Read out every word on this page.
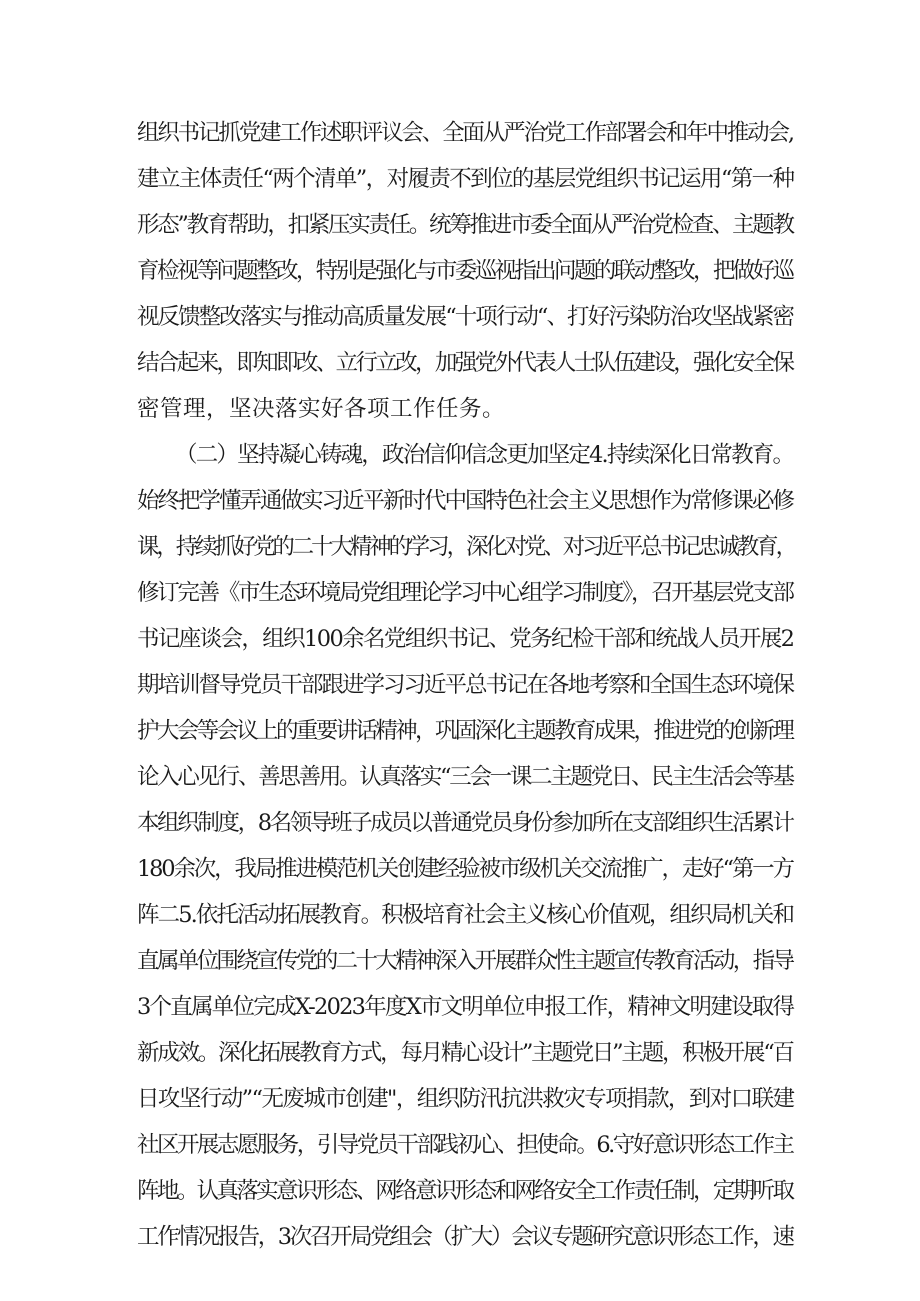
组织书记抓党建工作述职评议会、全面从严治党工作部署会和年中推动会,
建立主体责任“两个清单”，对履责不到位的基层党组织书记运用“第一种
形态”教育帮助，扣紧压实责任。统筹推进市委全面从严治党检查、主题教
育检视等问题整改，特别是强化与市委巡视指出问题的联动整改，把做好巡
视反馈整改落实与推动高质量发展“十项行动“、打好污染防治攻坚战紧密
结合起来，即知即改、立行立改，加强党外代表人士队伍建设，强化安全保
密管理，坚决落实好各项工作任务。
（二）坚持凝心铸魂，政治信仰信念更加坚定4.持续深化日常教育。
始终把学懂弄通做实习近平新时代中国特色社会主义思想作为常修课必修
课，持续抓好党的二十大精神的学习，深化对党、对习近平总书记忠诚教育，
修订完善《市生态环境局党组理论学习中心组学习制度》，召开基层党支部
书记座谈会，组织100余名党组织书记、党务纪检干部和统战人员开展2
期培训督导党员干部跟进学习习近平总书记在各地考察和全国生态环境保
护大会等会议上的重要讲话精神，巩固深化主题教育成果，推进党的创新理
论入心见行、善思善用。认真落实“三会一课二主题党日、民主生活会等基
本组织制度，8名领导班子成员以普通党员身份参加所在支部组织生活累计
180余次，我局推进模范机关创建经验被市级机关交流推广，走好“第一方
阵二5.依托活动拓展教育。积极培育社会主义核心价值观，组织局机关和
直属单位围绕宣传党的二十大精神深入开展群众性主题宣传教育活动，指导
3个直属单位完成X-2023年度X市文明单位申报工作，精神文明建设取得
新成效。深化拓展教育方式，每月精心设计”主题党日”主题，积极开展“百
日攻坚行动”“无废城市创建"，组织防汛抗洪救灾专项捐款，到对口联建
社区开展志愿服务，引导党员干部践初心、担使命。6.守好意识形态工作主
阵地。认真落实意识形态、网络意识形态和网络安全工作责任制，定期听取
工作情况报告，3次召开局党组会（扩大）会议专题研究意识形态工作，速
